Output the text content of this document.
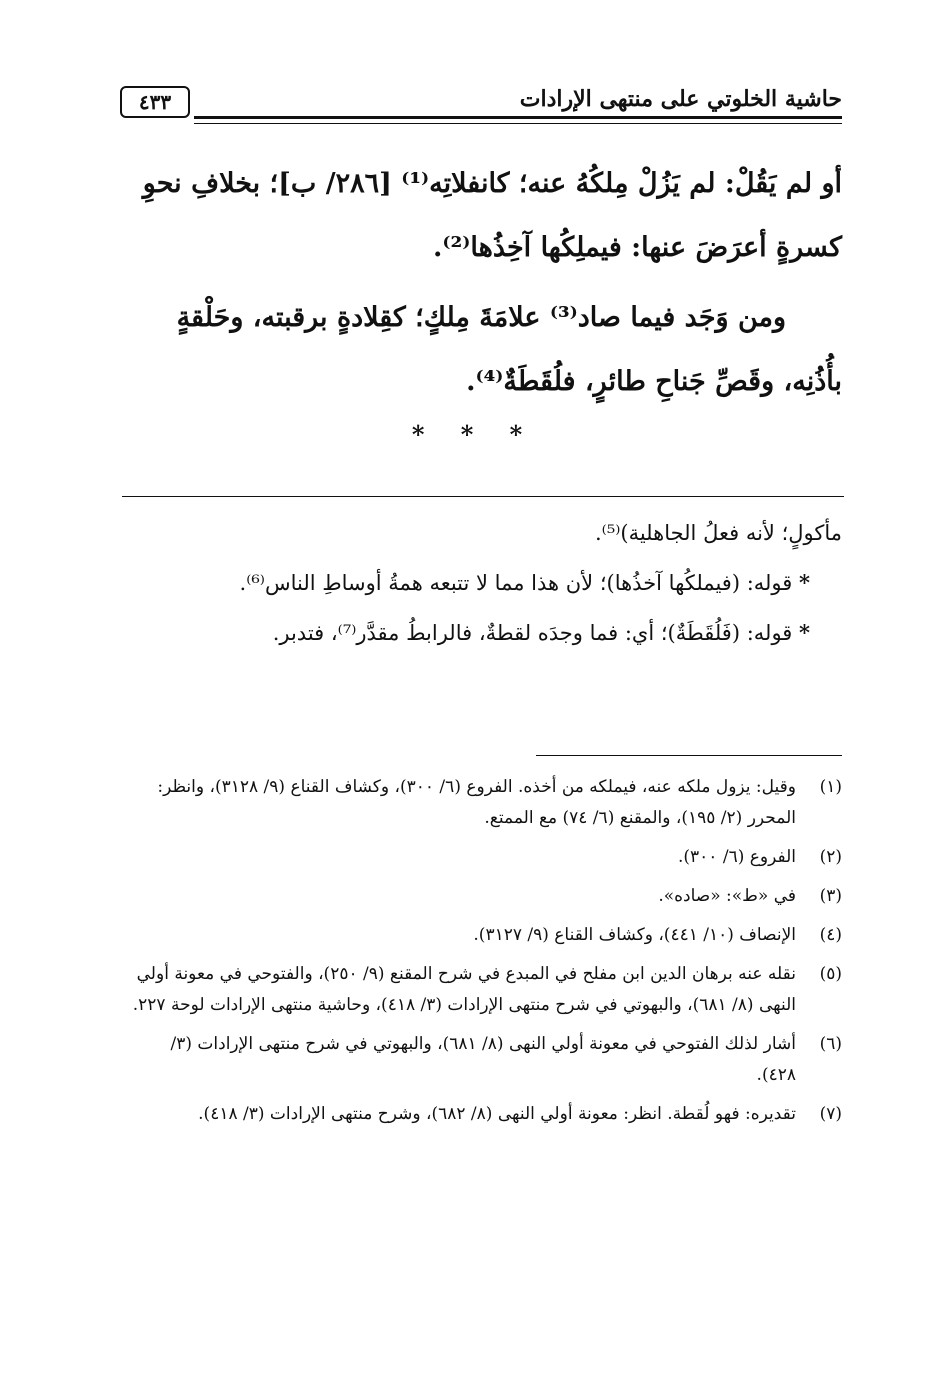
٤٣٣	حاشية الخلوتي على منتهى الإرادات

أو لم يَقُلْ: لم يَزُلْ مِلكُهُ عنه؛ كانفلاتِه⁽¹⁾ [٢٨٦/ ب]؛ بخلافِ نحوِ كسرةٍ أعرَضَ عنها: فيملِكُها آخِذُها⁽²⁾.

ومن وَجَد فيما صاد⁽³⁾ علامَةَ مِلكٍ؛ كقِلادةٍ برقبته، وحَلْقةٍ بأُذُنِه، وقَصِّ جَناحِ طائرٍ، فلُقَطَةٌ⁽⁴⁾.

* * *

مأكولٍ؛ لأنه فعلُ الجاهلية)⁽⁵⁾.

* قوله: (فيملكُها آخذُها)؛ لأن هذا مما لا تتبعه همةُ أوساطِ الناس⁽⁶⁾.

* قوله: (فَلُقَطَةٌ)؛ أي: فما وجدَه لقطةٌ، فالرابطُ مقدَّر⁽⁷⁾، فتدبر.

(١)
وقيل: يزول ملكه عنه، فيملكه من أخذه. الفروع (٦/ ٣٠٠)، وكشاف القناع (٩/ ٣١٢٨)، وانظر: المحرر (٢/ ١٩٥)، والمقنع (٦/ ٧٤) مع الممتع.
(٢)
الفروع (٦/ ٣٠٠).
(٣)
في «ط»: «صاده».
(٤)
الإنصاف (١٠/ ٤٤١)، وكشاف القناع (٩/ ٣١٢٧).
(٥)
نقله عنه برهان الدين ابن مفلح في المبدع في شرح المقنع (٩/ ٢٥٠)، والفتوحي في معونة أولي النهى (٨/ ٦٨١)، والبهوتي في شرح منتهى الإرادات (٣/ ٤١٨)، وحاشية منتهى الإرادات لوحة ٢٢٧.
(٦)
أشار لذلك الفتوحي في معونة أولي النهى (٨/ ٦٨١)، والبهوتي في شرح منتهى الإرادات (٣/ ٤٢٨).
(٧)
تقديره: فهو لُقطة. انظر: معونة أولي النهى (٨/ ٦٨٢)، وشرح منتهى الإرادات (٣/ ٤١٨).
